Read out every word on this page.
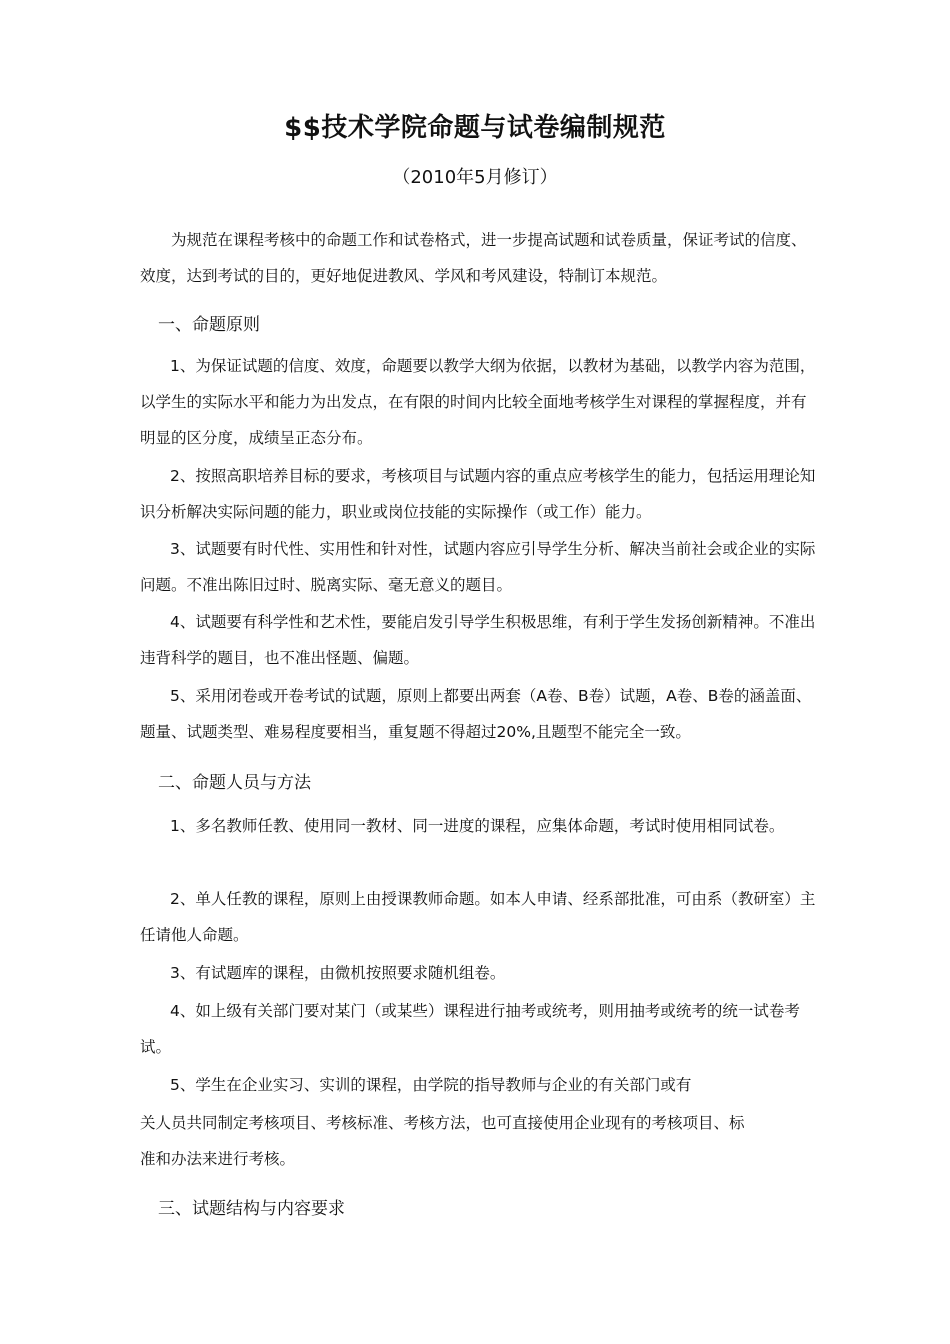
$$技术学院命题与试卷编制规范
（2010年5月修订）

为规范在课程考核中的命题工作和试卷格式，进一步提高试题和试卷质量，保证考试的信度、效度，达到考试的目的，更好地促进教风、学风和考风建设，特制订本规范。

一、命题原则

1、为保证试题的信度、效度，命题要以教学大纲为依据，以教材为基础，以教学内容为范围，以学生的实际水平和能力为出发点，在有限的时间内比较全面地考核学生对课程的掌握程度，并有明显的区分度，成绩呈正态分布。

2、按照高职培养目标的要求，考核项目与试题内容的重点应考核学生的能力，包括运用理论知识分析解决实际问题的能力，职业或岗位技能的实际操作（或工作）能力。

3、试题要有时代性、实用性和针对性，试题内容应引导学生分析、解决当前社会或企业的实际问题。不准出陈旧过时、脱离实际、毫无意义的题目。

4、试题要有科学性和艺术性，要能启发引导学生积极思维，有利于学生发扬创新精神。不准出违背科学的题目，也不准出怪题、偏题。

5、采用闭卷或开卷考试的试题，原则上都要出两套（A卷、B卷）试题，A卷、B卷的涵盖面、题量、试题类型、难易程度要相当，重复题不得超过20%,且题型不能完全一致。

二、命题人员与方法

1、多名教师任教、使用同一教材、同一进度的课程，应集体命题，考试时使用相同试卷。

2、单人任教的课程，原则上由授课教师命题。如本人申请、经系部批准，可由系（教研室）主任请他人命题。

3、有试题库的课程，由微机按照要求随机组卷。

4、如上级有关部门要对某门（或某些）课程进行抽考或统考，则用抽考或统考的统一试卷考试。

5、学生在企业实习、实训的课程，由学院的指导教师与企业的有关部门或有

关人员共同制定考核项目、考核标准、考核方法，也可直接使用企业现有的考核项目、标

准和办法来进行考核。

三、试题结构与内容要求
